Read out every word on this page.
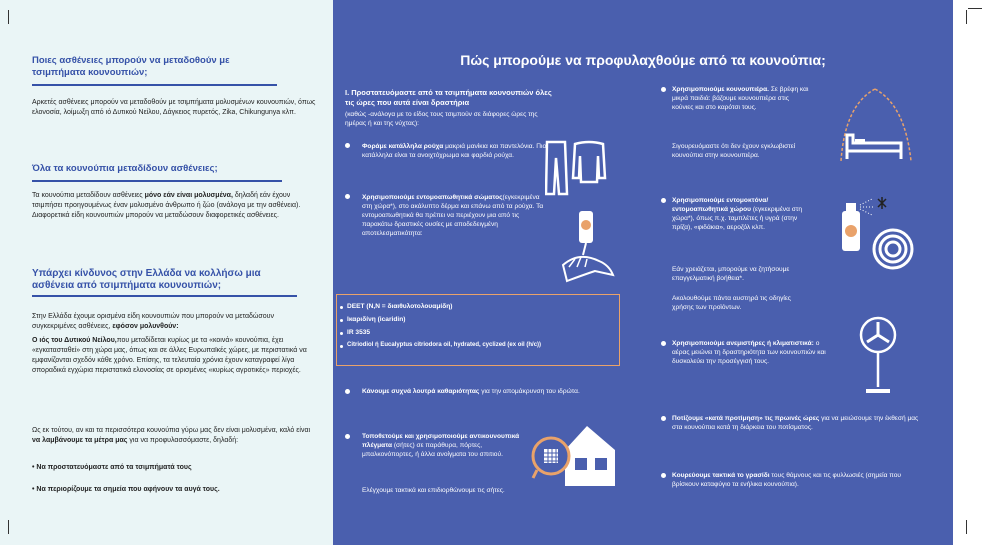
Ποιες ασθένειες μπορούν να μεταδοθούν με τσιμπήματα κουνουπιών;
Αρκετές ασθένειες μπορούν να μεταδοθούν με τσιμπήματα μολυσμένων κουνουπιών, όπως ελονοσία, λοίμωξη από ιό Δυτικού Νείλου, Δάγκειος πυρετός, Zika, Chikungunya κλπ.
Όλα τα κουνούπια μεταδίδουν ασθένειες;
Τα κουνούπια μεταδίδουν ασθένειες μόνο εάν είναι μολυσμένα, δηλαδή εάν έχουν τσιμπήσει προηγουμένως έναν μολυσμένο άνθρωπο ή ζώο (ανάλογα με την ασθένεια). Διαφορετικά είδη κουνουπιών μπορούν να μεταδώσουν διαφορετικές ασθένειες.
Υπάρχει κίνδυνος στην Ελλάδα να κολλήσω μια ασθένεια από τσιμπήματα κουνουπιών;
Στην Ελλάδα έχουμε ορισμένα είδη κουνουπιών που μπορούν να μεταδώσουν συγκεκριμένες ασθένειες, εφόσον μολυνθούν:
Ο ιός του Δυτικού Νείλου,που μεταδίδεται κυρίως με τα «κοινά» κουνούπια, έχει «εγκατασταθεί» στη χώρα μας, όπως και σε άλλες Ευρωπαϊκές χώρες, με περιστατικά να εμφανίζονται σχεδόν κάθε χρόνο. Επίσης, τα τελευταία χρόνια έχουν καταγραφεί λίγα σποραδικά εγχώρια περιστατικά ελονοσίας σε ορισμένες «κυρίως αγροτικές» περιοχές.
Ως εκ τούτου, αν και τα περισσότερα κουνούπια γύρω μας δεν είναι μολυσμένα, καλό είναι να λαμβάνουμε τα μέτρα μας για να προφυλασσόμαστε, δηλαδή:
• Να προστατευόμαστε από τα τσιμπήματά τους
• Να περιορίζουμε τα σημεία που αφήνουν τα αυγά τους.
Πώς μπορούμε να προφυλαχθούμε από τα κουνούπια;
I. Προστατευόμαστε από τα τσιμπήματα κουνουπιών όλες τις ώρες που αυτά είναι δραστήρια
(καθώς -ανάλογα με το είδος τους τσιμπούν σε διάφορες ώρες της ημέρας ή και της νύχτας):
Φοράμε κατάλληλα ρούχα μακριά μανίκια και παντελόνια. Πιο κατάλληλα είναι τα ανοιχτόχρωμα και φαρδιά ρούχα.
Χρησιμοποιούμε εντομοαπωθητικά σώματος(εγκεκριμένα στη χώρα*), στο ακάλυπτο δέρμα και επάνω από τα ρούχα. Τα εντομοαπωθητικά θα πρέπει να περιέχουν μια από τις παρακάτω δραστικές ουσίες με αποδεδειγμένη αποτελεσματικότητα:
DEET (N,N = διαιθυλοτολουαμίδη)
Ικαριδίνη (icaridin)
IR 3535
Citriodiol ή Eucalyptus citriodora oil, hydrated, cyclized (ex oil (h/c))
Κάνουμε συχνά λουτρά καθαριότητας για την απομάκρυνση του ιδρώτα.
Τοποθετούμε και χρησιμοποιούμε αντικουνουπικά πλέγματα (σήτες) σε παράθυρα, πόρτες, μπαλκονόπορτες, ή άλλα ανοίγματα του σπιτιού.
Ελέγχουμε τακτικά και επιδιορθώνουμε τις σήτες.
Χρησιμοποιούμε κουνουπιέρα. Σε βρέφη και μικρά παιδιά: βάζουμε κουνουπιέρα στις κούνιες και στο καρότσι τους.
Σιγουρευόμαστε ότι δεν έχουν εγκλωβιστεί κουνούπια στην κουνουπιέρα.
Χρησιμοποιούμε εντομοκτόνα/ εντομοαπωθητικά χώρου (εγκεκριμένα στη χώρα*), όπως π.χ. ταμπλέτες ή υγρά (στην πρίζα), «φιδάκια», αεροζόλ κλπ.
Εάν χρειάζεται, μπορούμε να ζητήσουμε επαγγελματική βοήθεια*.
Ακολουθούμε πάντα αυστηρά τις οδηγίες χρήσης των προϊόντων.
Χρησιμοποιούμε ανεμιστήρες ή κλιματιστικά: ο αέρας μειώνει τη δραστηριότητα των κουνουπιών και δυσκολεύει την προσέγγισή τους.
Ποτίζουμε «κατά προτίμηση» τις πρωινές ώρες για να μειώσουμε την έκθεσή μας στα κουνούπια κατά τη διάρκεια του ποτίσματος.
Κουρεύουμε τακτικά το γρασίδι τους θάμνους και τις φυλλωσιές (σημεία που βρίσκουν καταφύγιο τα ενήλικα κουνούπια).
